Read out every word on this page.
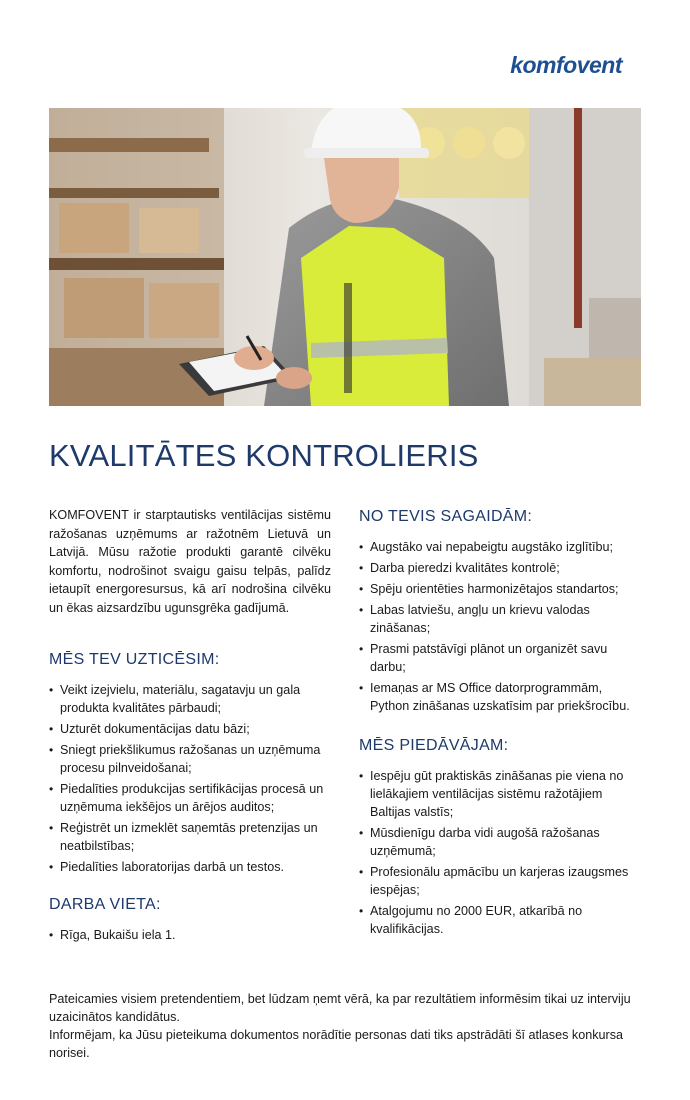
komfovent
KVALITĀTES KONTROLIERIS

KOMFOVENT ir starptautisks ventilācijas sistēmu ražošanas uzņēmums ar ražotnēm Lietuvā un Latvijā. Mūsu ražotie produkti garantē cilvēku komfortu, nodrošinot svaigu gaisu telpās, palīdz ietaupīt energoresursus, kā arī nodrošina cilvēku un ēkas aizsardzību ugunsgrēka gadījumā.

MĒS TEV UZTICĒSIM:
• Veikt izejvielu, materiālu, sagatavju un gala produkta kvalitātes pārbaudi;
• Uzturēt dokumentācijas datu bāzi;
• Sniegt priekšlikumus ražošanas un uzņēmuma procesu pilnveidošanai;
• Piedalīties produkcijas sertifikācijas procesā un uzņēmuma iekšējos un ārējos auditos;
• Reģistrēt un izmeklēt saņemtās pretenzijas un neatbilstības;
• Piedalīties laboratorijas darbā un testos.
DARBA VIETA:
• Rīga, Bukaišu iela 1.
NO TEVIS SAGAIDĀM:
• Augstāko vai nepabeigtu augstāko izglītību;
• Darba pieredzi kvalitātes kontrolē;
• Spēju orientēties harmonizētajos standartos;
• Labas latviešu, angļu un krievu valodas zināšanas;
• Prasmi patstāvīgi plānot un organizēt savu darbu;
• Iemaņas ar MS Office datorprogrammām, Python zināšanas uzskatīsim par priekšrocību.
MĒS PIEDĀVĀJAM:
• Iespēju gūt praktiskās zināšanas pie viena no lielākajiem ventilācijas sistēmu ražotājiem Baltijas valstīs;
• Mūsdienīgu darba vidi augošā ražošanas uzņēmumā;
• Profesionālu apmācību un karjeras izaugsmes iespējas;
• Atalgojumu no 2000 EUR, atkarībā no kvalifikācijas.

Pateicamies visiem pretendentiem, bet lūdzam ņemt vērā, ka par rezultātiem informēsim tikai uz interviju uzaicinātos kandidātus.

Informējam, ka Jūsu pieteikuma dokumentos norādītie personas dati tiks apstrādāti šī atlases konkursa norisei.
